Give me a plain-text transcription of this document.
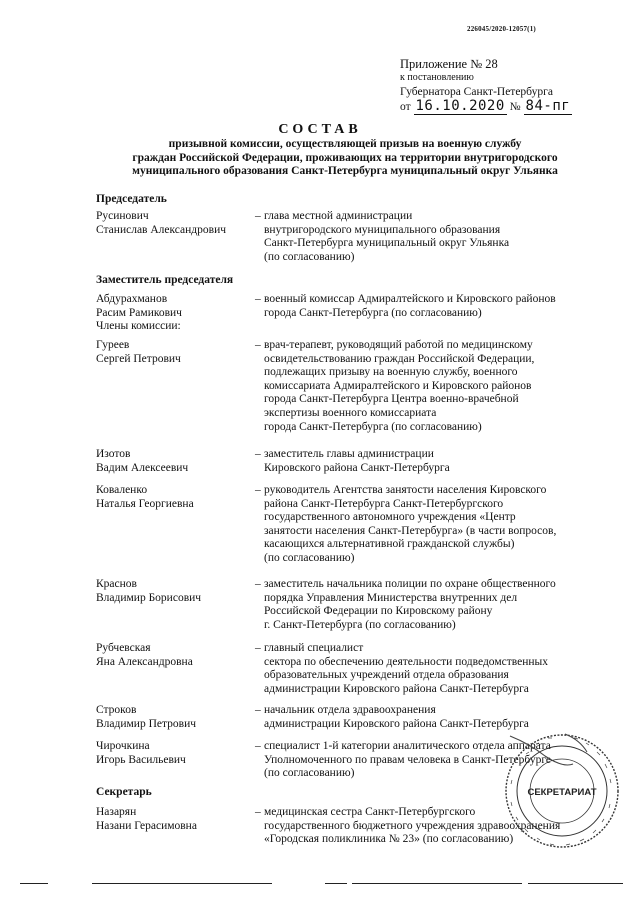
226045/2020-12057(1)
Приложение № 28
к постановлению
Губернатора Санкт-Петербурга
от 16.10.2020 № 84-пг
СОСТАВ
призывной комиссии, осуществляющей призыв на военную службу
граждан Российской Федерации, проживающих на территории внутригородского
муниципального образования Санкт-Петербурга муниципальный округ Ульянка
Председатель
Русинович
Станислав Александрович
– глава местной администрации
внутригородского муниципального образования
Санкт-Петербурга муниципальный округ Ульянка
(по согласованию)
Заместитель председателя
Абдурахманов
Расим Рамикович
Члены комиссии:
– военный комиссар Адмиралтейского и Кировского районов
города Санкт-Петербурга (по согласованию)
Гуреев
Сергей Петрович
– врач-терапевт, руководящий работой по медицинскому
освидетельствованию граждан Российской Федерации,
подлежащих призыву на военную службу, военного
комиссариата Адмиралтейского и Кировского районов
города Санкт-Петербурга Центра военно-врачебной
экспертизы военного комиссариата
города Санкт-Петербурга (по согласованию)
Изотов
Вадим Алексеевич
– заместитель главы администрации
Кировского района Санкт-Петербурга
Коваленко
Наталья Георгиевна
– руководитель Агентства занятости населения Кировского
района Санкт-Петербурга Санкт-Петербургского
государственного автономного учреждения «Центр
занятости населения Санкт-Петербурга» (в части вопросов,
касающихся альтернативной гражданской службы)
(по согласованию)
Краснов
Владимир Борисович
– заместитель начальника полиции по охране общественного
порядка Управления Министерства внутренних дел
Российской Федерации по Кировскому району
г. Санкт-Петербурга (по согласованию)
Рубчевская
Яна Александровна
– главный специалист
сектора по обеспечению деятельности подведомственных
образовательных учреждений отдела образования
администрации Кировского района Санкт-Петербурга
Строков
Владимир Петрович
– начальник отдела здравоохранения
администрации Кировского района Санкт-Петербурга
Чирочкина
Игорь Васильевич
– специалист 1-й категории аналитического отдела аппарата
Уполномоченного по правам человека в Санкт-Петербурге
(по согласованию)
Секретарь
Назарян
Назани Герасимовна
– медицинская сестра Санкт-Петербургского
государственного бюджетного учреждения здравоохранения
«Городская поликлиника № 23» (по согласованию)
СЕКРЕТАРИАТ
